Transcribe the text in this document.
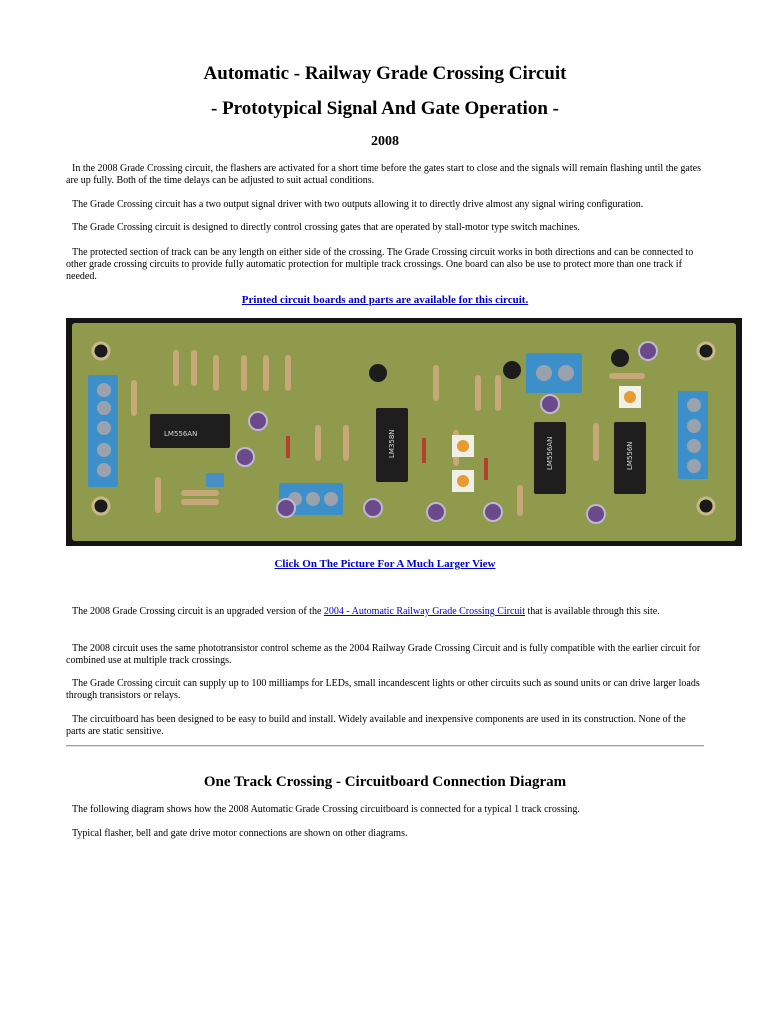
Automatic - Railway Grade Crossing Circuit
- Prototypical Signal And Gate Operation -
2008

In the 2008 Grade Crossing circuit, the flashers are activated for a short time before the gates start to close and the signals will remain flashing until the gates are up fully. Both of the time delays can be adjusted to suit actual conditions.

The Grade Crossing circuit has a two output signal driver with two outputs allowing it to directly drive almost any signal wiring configuration.

The Grade Crossing circuit is designed to directly control crossing gates that are operated by stall-motor type switch machines.

The protected section of track can be any length on either side of the crossing. The Grade Crossing circuit works in both directions and can be connected to other grade crossing circuits to provide fully automatic protection for multiple track crossings. One board can also be use to protect more than one track if needed.

Printed circuit boards and parts are available for this circuit.
LM556AN	LM358N	LM556AN	LM556N
Click On The Picture For A Much Larger View

The 2008 Grade Crossing circuit is an upgraded version of the 2004 - Automatic Railway Grade Crossing Circuit that is available through this site.

The 2008 circuit uses the same phototransistor control scheme as the 2004 Railway Grade Crossing Circuit and is fully compatible with the earlier circuit for combined use at multiple track crossings.

The Grade Crossing circuit can supply up to 100 milliamps for LEDs, small incandescent lights or other circuits such as sound units or can drive larger loads through transistors or relays.

The circuitboard has been designed to be easy to build and install. Widely available and inexpensive components are used in its construction. None of the parts are static sensitive.

One Track Crossing - Circuitboard Connection Diagram

The following diagram shows how the 2008 Automatic Grade Crossing circuitboard is connected for a typical 1 track crossing.

Typical flasher, bell and gate drive motor connections are shown on other diagrams.
